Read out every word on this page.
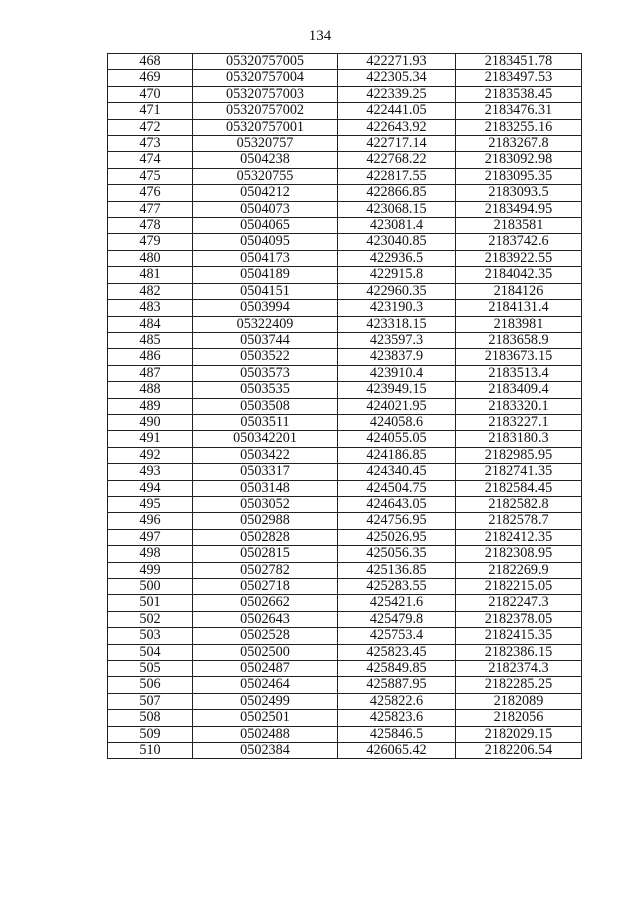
134
468	05320757005	422271.93	2183451.78
469	05320757004	422305.34	2183497.53
470	05320757003	422339.25	2183538.45
471	05320757002	422441.05	2183476.31
472	05320757001	422643.92	2183255.16
473	05320757	422717.14	2183267.8
474	0504238	422768.22	2183092.98
475	05320755	422817.55	2183095.35
476	0504212	422866.85	2183093.5
477	0504073	423068.15	2183494.95
478	0504065	423081.4	2183581
479	0504095	423040.85	2183742.6
480	0504173	422936.5	2183922.55
481	0504189	422915.8	2184042.35
482	0504151	422960.35	2184126
483	0503994	423190.3	2184131.4
484	05322409	423318.15	2183981
485	0503744	423597.3	2183658.9
486	0503522	423837.9	2183673.15
487	0503573	423910.4	2183513.4
488	0503535	423949.15	2183409.4
489	0503508	424021.95	2183320.1
490	0503511	424058.6	2183227.1
491	050342201	424055.05	2183180.3
492	0503422	424186.85	2182985.95
493	0503317	424340.45	2182741.35
494	0503148	424504.75	2182584.45
495	0503052	424643.05	2182582.8
496	0502988	424756.95	2182578.7
497	0502828	425026.95	2182412.35
498	0502815	425056.35	2182308.95
499	0502782	425136.85	2182269.9
500	0502718	425283.55	2182215.05
501	0502662	425421.6	2182247.3
502	0502643	425479.8	2182378.05
503	0502528	425753.4	2182415.35
504	0502500	425823.45	2182386.15
505	0502487	425849.85	2182374.3
506	0502464	425887.95	2182285.25
507	0502499	425822.6	2182089
508	0502501	425823.6	2182056
509	0502488	425846.5	2182029.15
510	0502384	426065.42	2182206.54
